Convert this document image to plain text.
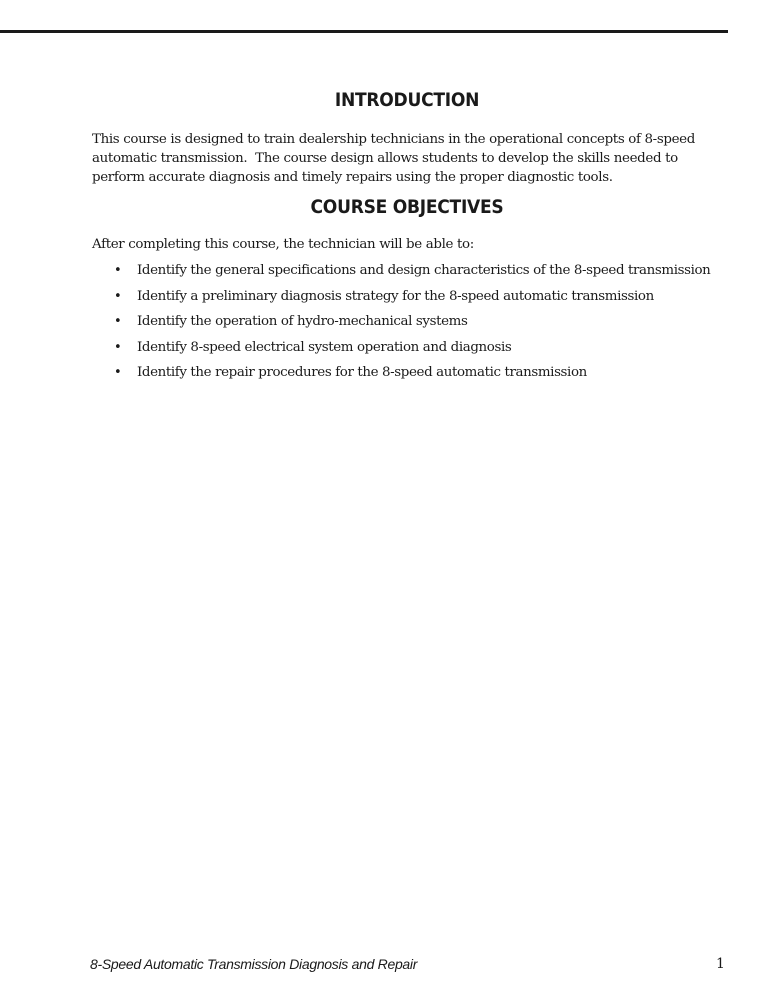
INTRODUCTION

This course is designed to train dealership technicians in the operational concepts of 8-speed
automatic transmission.  The course design allows students to develop the skills needed to
perform accurate diagnosis and timely repairs using the proper diagnostic tools.

COURSE OBJECTIVES

After completing this course, the technician will be able to:

• Identify the general specifications and design characteristics of the 8-speed transmission
• Identify a preliminary diagnosis strategy for the 8-speed automatic transmission
• Identify the operation of hydro-mechanical systems
• Identify 8-speed electrical system operation and diagnosis
• Identify the repair procedures for the 8-speed automatic transmission
8-Speed Automatic Transmission Diagnosis and Repair	1
